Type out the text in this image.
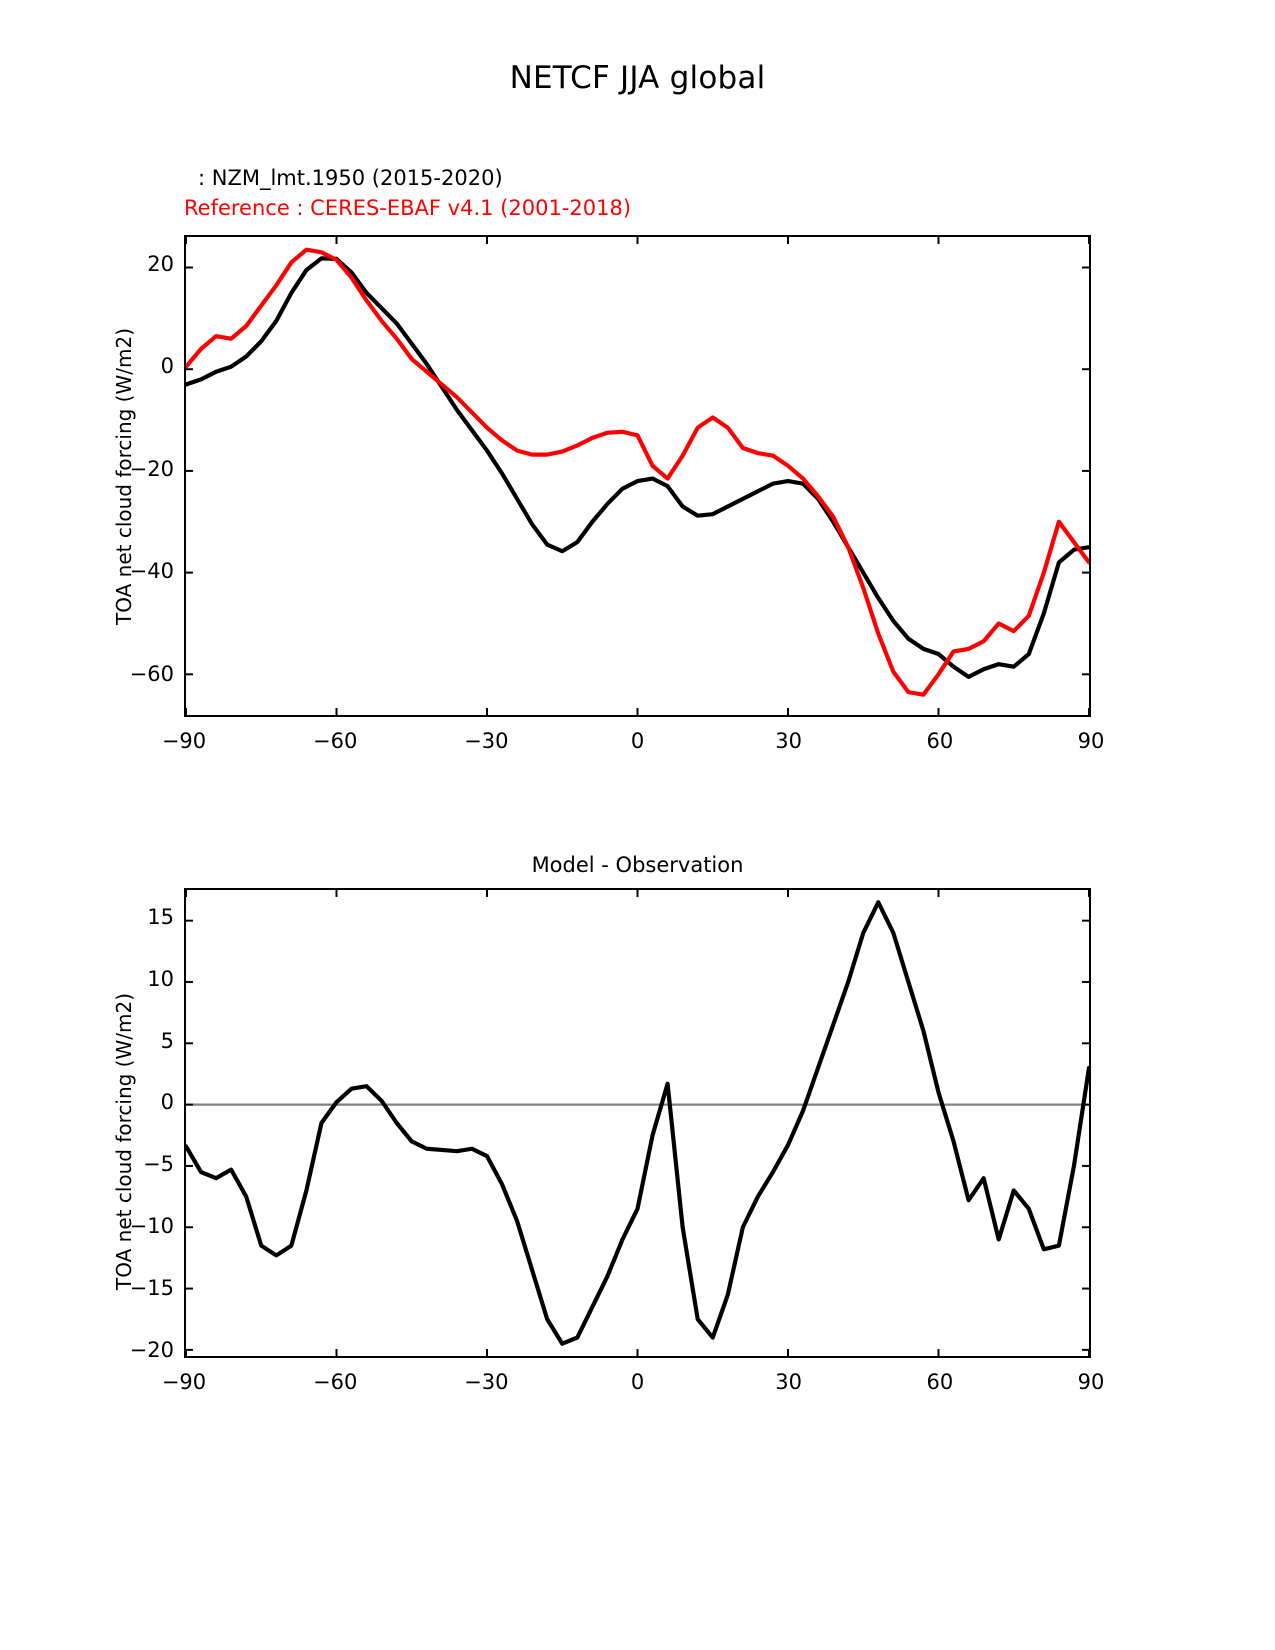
NETCF JJA global
: NZM_lmt.1950 (2015-2020)
Reference : CERES-EBAF v4.1 (2001-2018)
TOA net cloud forcing (W/m2)
−90	−60	−30	0	30	60	90
−60
−40
−20
0
20
Model - Observation
TOA net cloud forcing (W/m2)
−90	−60	−30	0	30	60	90
−20
−15
−10
−5
0
5
10
15
